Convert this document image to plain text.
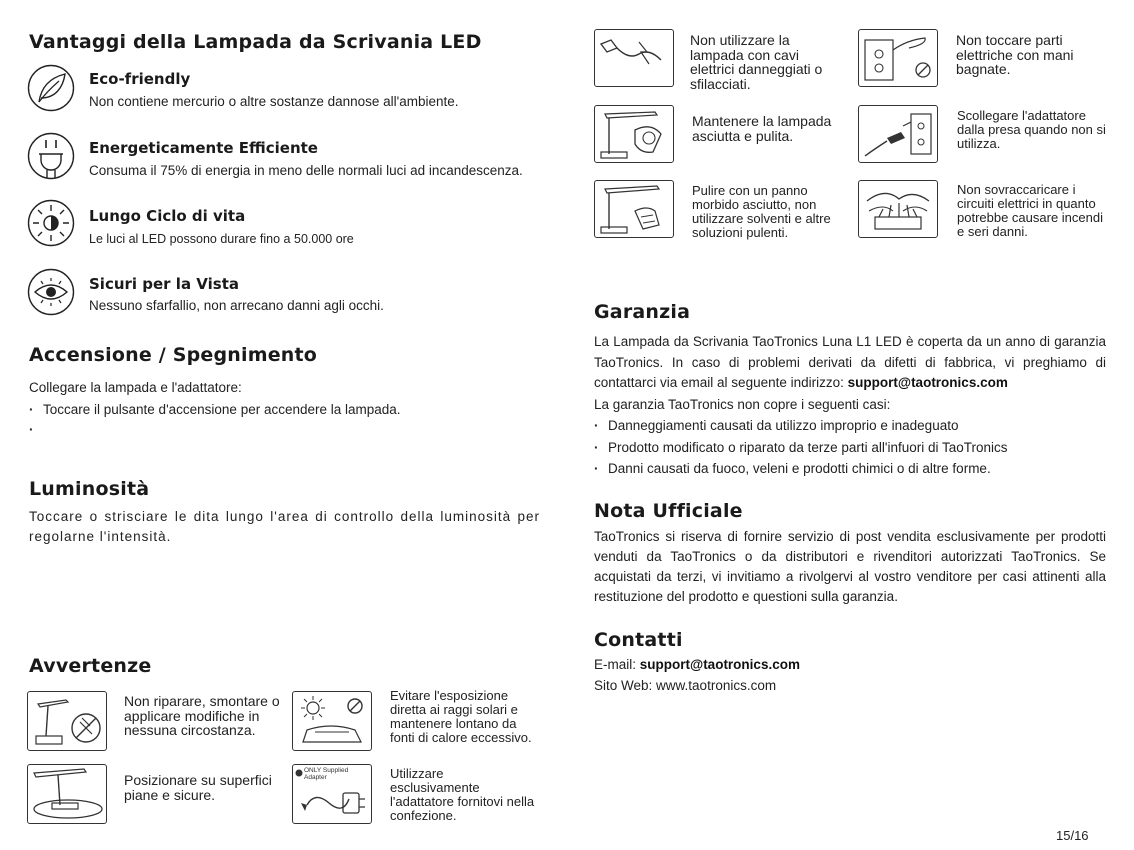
Vantaggi della Lampada da Scrivania LED
Eco-friendly
Non contiene mercurio o altre sostanze dannose all'ambiente.
Energeticamente Efficiente
Consuma il 75% di energia in meno delle normali luci ad incandescenza.
Lungo Ciclo di vita
Le luci al LED possono durare fino a 50.000 ore
Sicuri per la Vista
Nessuno sfarfallio, non arrecano danni agli occhi.
Accensione / Spegnimento
Collegare la lampada e l'adattatore:
· Toccare il pulsante d'accensione per accendere la lampada.
·
Luminosità
Toccare o strisciare le dita lungo l'area di controllo della luminosità per regolarne l'intensità.
Avvertenze
Non riparare, smontare o applicare modifiche in nessuna circostanza.
Evitare l'esposizione diretta ai raggi solari e mantenere lontano da fonti di calore eccessivo.
Posizionare su superfici piane e sicure.
ONLY Supplied Adapter	Utilizzare esclusivamente l'adattatore fornitovi nella confezione.
Non utilizzare la lampada con cavi elettrici danneggiati o sfilacciati.
Non toccare parti elettriche con mani bagnate.
Mantenere la lampada asciutta e pulita.
Scollegare l'adattatore dalla presa quando non si utilizza.
Pulire con un panno morbido asciutto, non utilizzare solventi e altre soluzioni pulenti.
Non sovraccaricare i circuiti elettrici in quanto potrebbe causare incendi e seri danni.
Garanzia
La Lampada da Scrivania TaoTronics Luna L1 LED è coperta da un anno di garanzia TaoTronics. In caso di problemi derivati da difetti di fabbrica, vi preghiamo di contattarci via email al seguente indirizzo: support@taotronics.com
La garanzia TaoTronics non copre i seguenti casi:
· Danneggiamenti causati da utilizzo improprio e inadeguato
· Prodotto modificato o riparato da terze parti all'infuori di TaoTronics
· Danni causati da fuoco, veleni e prodotti chimici o di altre forme.
Nota Ufficiale
TaoTronics si riserva di fornire servizio di post vendita esclusivamente per prodotti venduti da TaoTronics o da distributori e rivenditori autorizzati TaoTronics. Se acquistati da terzi, vi invitiamo a rivolgervi al vostro venditore per casi attinenti alla restituzione del prodotto e questioni sulla garanzia.
Contatti
E-mail: support@taotronics.com
Sito Web: www.taotronics.com
15/16
